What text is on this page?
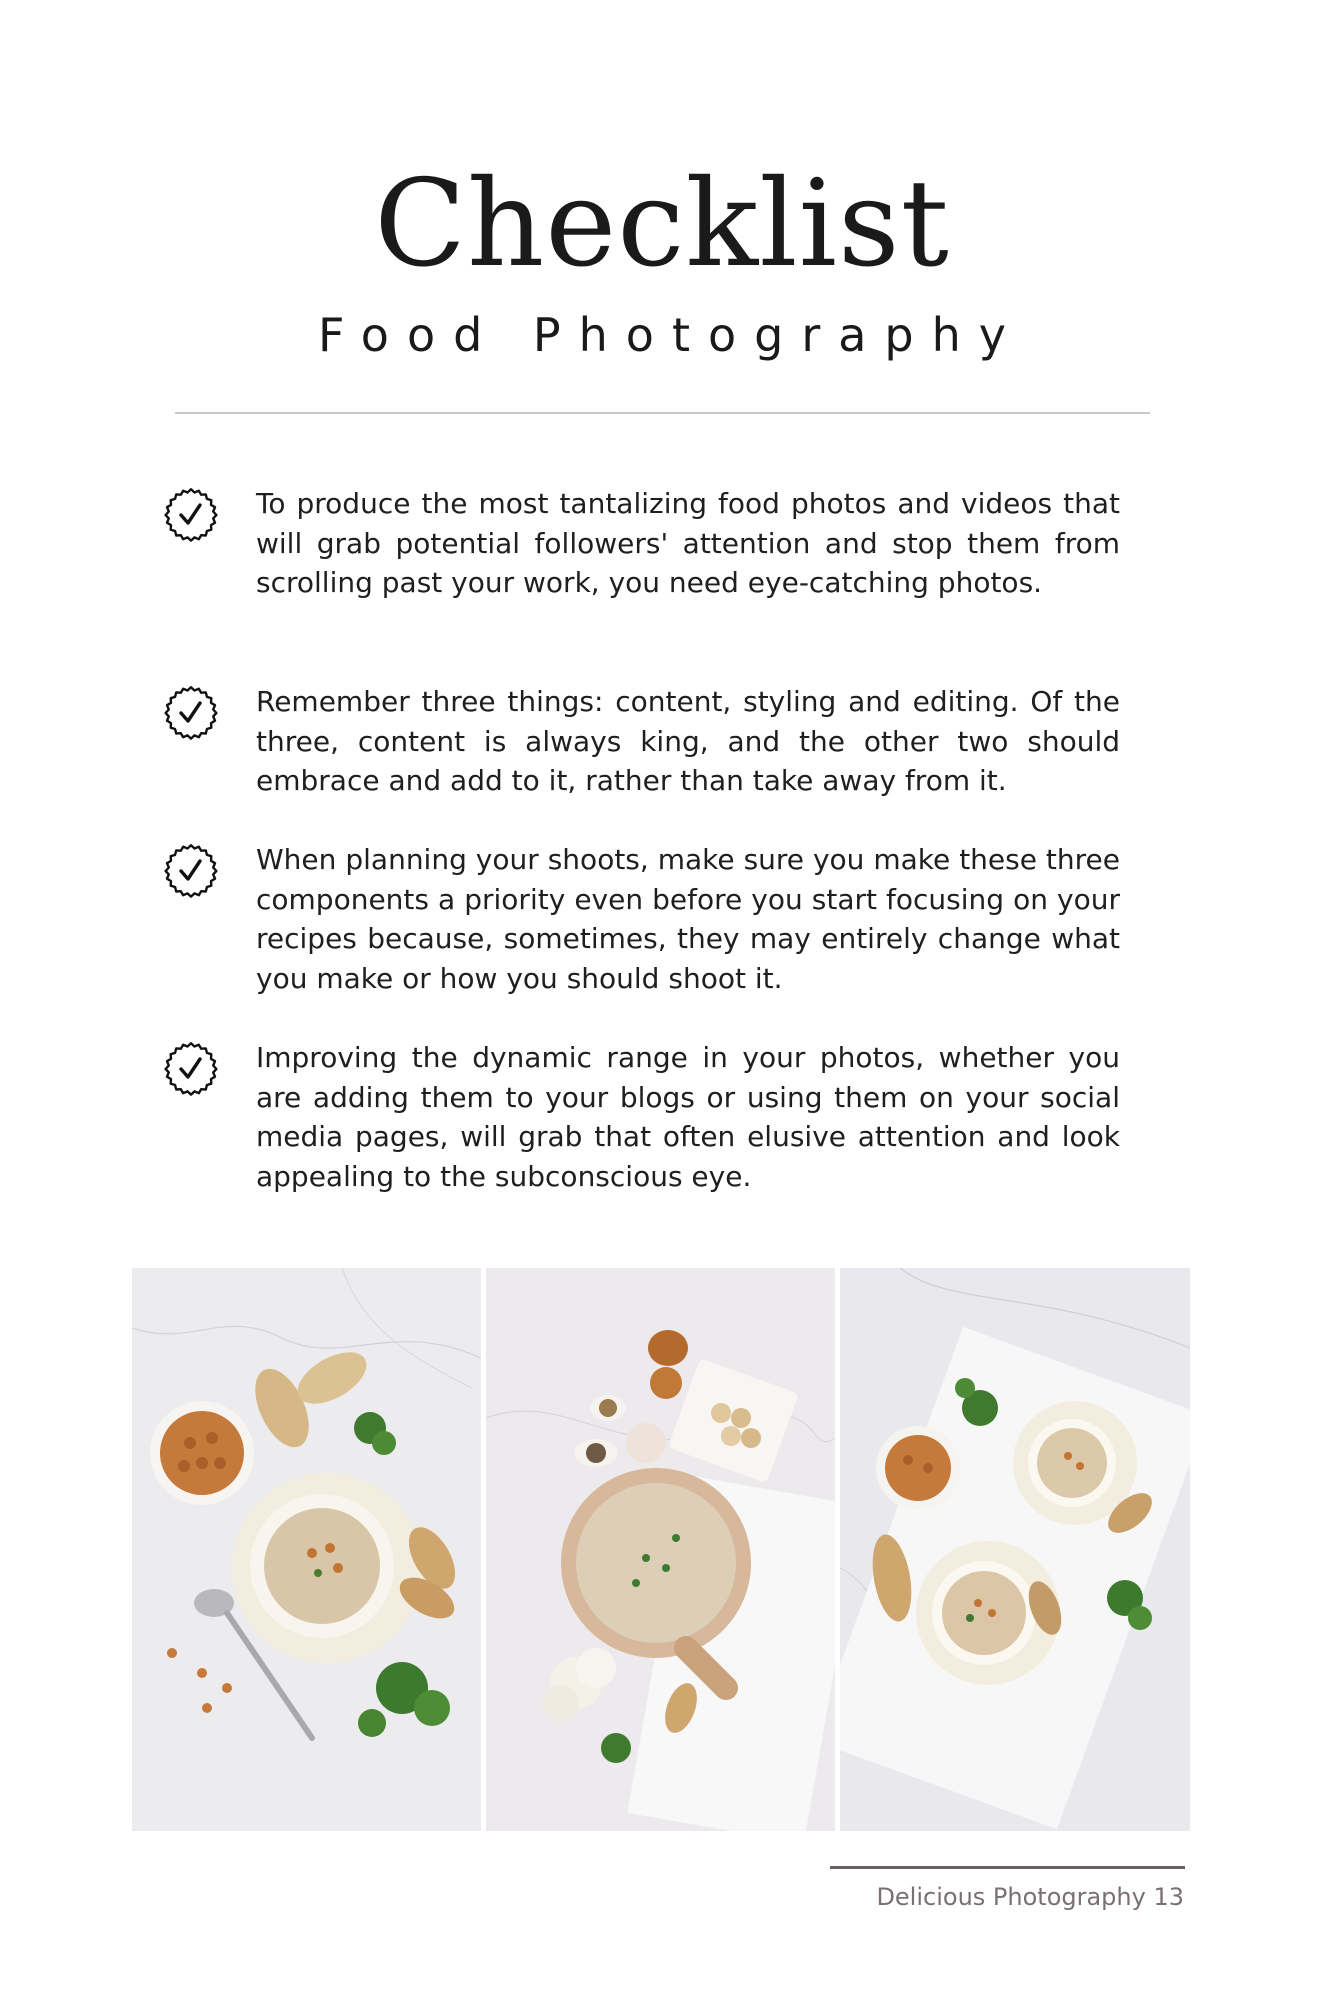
Checklist
Food Photography
To produce the most tantalizing food photos and videos that will grab potential followers' attention and stop them from scrolling past your work, you need eye-catching photos.
Remember three things: content, styling and editing. Of the three, content is always king, and the other two should embrace and add to it, rather than take away from it.
When planning your shoots, make sure you make these three components a priority even before you start focusing on your recipes because, sometimes, they may entirely change what you make or how you should shoot it.
Improving the dynamic range in your photos, whether you are adding them to your blogs or using them on your social media pages, will grab that often elusive attention and look appealing to the subconscious eye.
Delicious Photography 13
